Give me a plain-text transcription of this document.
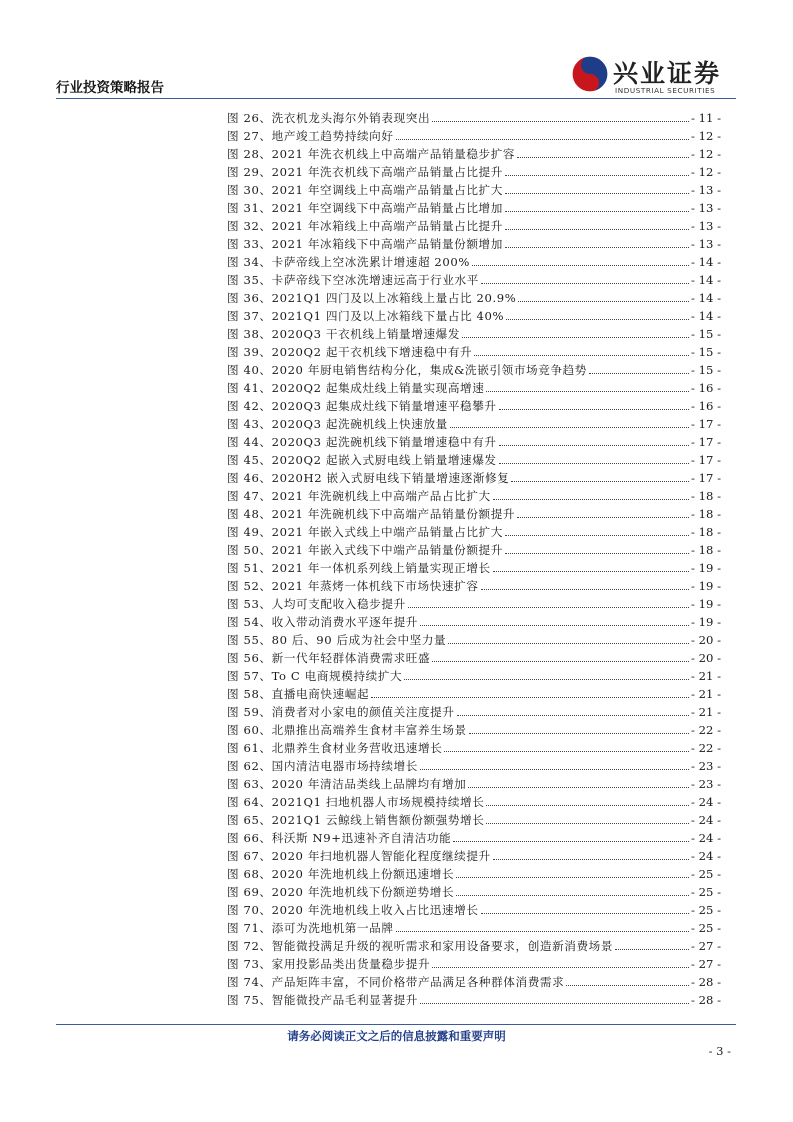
行业投资策略报告	兴业证券
INDUSTRIAL SECURITIES
图 26、洗衣机龙头海尔外销表现突出	- 11 -
图 27、地产竣工趋势持续向好	- 12 -
图 28、2021 年洗衣机线上中高端产品销量稳步扩容	- 12 -
图 29、2021 年洗衣机线下高端产品销量占比提升	- 12 -
图 30、2021 年空调线上中高端产品销量占比扩大	- 13 -
图 31、2021 年空调线下中高端产品销量占比增加	- 13 -
图 32、2021 年冰箱线上中高端产品销量占比提升	- 13 -
图 33、2021 年冰箱线下中高端产品销量份额增加	- 13 -
图 34、卡萨帝线上空冰洗累计增速超 200%	- 14 -
图 35、卡萨帝线下空冰洗增速远高于行业水平	- 14 -
图 36、2021Q1 四门及以上冰箱线上量占比 20.9%	- 14 -
图 37、2021Q1 四门及以上冰箱线下量占比 40%	- 14 -
图 38、2020Q3 干衣机线上销量增速爆发	- 15 -
图 39、2020Q2 起干衣机线下增速稳中有升	- 15 -
图 40、2020 年厨电销售结构分化，集成&洗嵌引领市场竞争趋势	- 15 -
图 41、2020Q2 起集成灶线上销量实现高增速	- 16 -
图 42、2020Q3 起集成灶线下销量增速平稳攀升	- 16 -
图 43、2020Q3 起洗碗机线上快速放量	- 17 -
图 44、2020Q3 起洗碗机线下销量增速稳中有升	- 17 -
图 45、2020Q2 起嵌入式厨电线上销量增速爆发	- 17 -
图 46、2020H2 嵌入式厨电线下销量增速逐渐修复	- 17 -
图 47、2021 年洗碗机线上中高端产品占比扩大	- 18 -
图 48、2021 年洗碗机线下中高端产品销量份额提升	- 18 -
图 49、2021 年嵌入式线上中端产品销量占比扩大	- 18 -
图 50、2021 年嵌入式线下中端产品销量份额提升	- 18 -
图 51、2021 年一体机系列线上销量实现正增长	- 19 -
图 52、2021 年蒸烤一体机线下市场快速扩容	- 19 -
图 53、人均可支配收入稳步提升	- 19 -
图 54、收入带动消费水平逐年提升	- 19 -
图 55、80 后、90 后成为社会中坚力量	- 20 -
图 56、新一代年轻群体消费需求旺盛	- 20 -
图 57、To C 电商规模持续扩大	- 21 -
图 58、直播电商快速崛起	- 21 -
图 59、消费者对小家电的颜值关注度提升	- 21 -
图 60、北鼎推出高端养生食材丰富养生场景	- 22 -
图 61、北鼎养生食材业务营收迅速增长	- 22 -
图 62、国内清洁电器市场持续增长	- 23 -
图 63、2020 年清洁品类线上品牌均有增加	- 23 -
图 64、2021Q1 扫地机器人市场规模持续增长	- 24 -
图 65、2021Q1 云鲸线上销售额份额强势增长	- 24 -
图 66、科沃斯 N9+迅速补齐自清洁功能	- 24 -
图 67、2020 年扫地机器人智能化程度继续提升	- 24 -
图 68、2020 年洗地机线上份额迅速增长	- 25 -
图 69、2020 年洗地机线下份额逆势增长	- 25 -
图 70、2020 年洗地机线上收入占比迅速增长	- 25 -
图 71、添可为洗地机第一品牌	- 25 -
图 72、智能微投满足升级的视听需求和家用设备要求，创造新消费场景	- 27 -
图 73、家用投影品类出货量稳步提升	- 27 -
图 74、产品矩阵丰富，不同价格带产品满足各种群体消费需求	- 28 -
图 75、智能微投产品毛利显著提升	- 28 -
请务必阅读正文之后的信息披露和重要声明
- 3 -
